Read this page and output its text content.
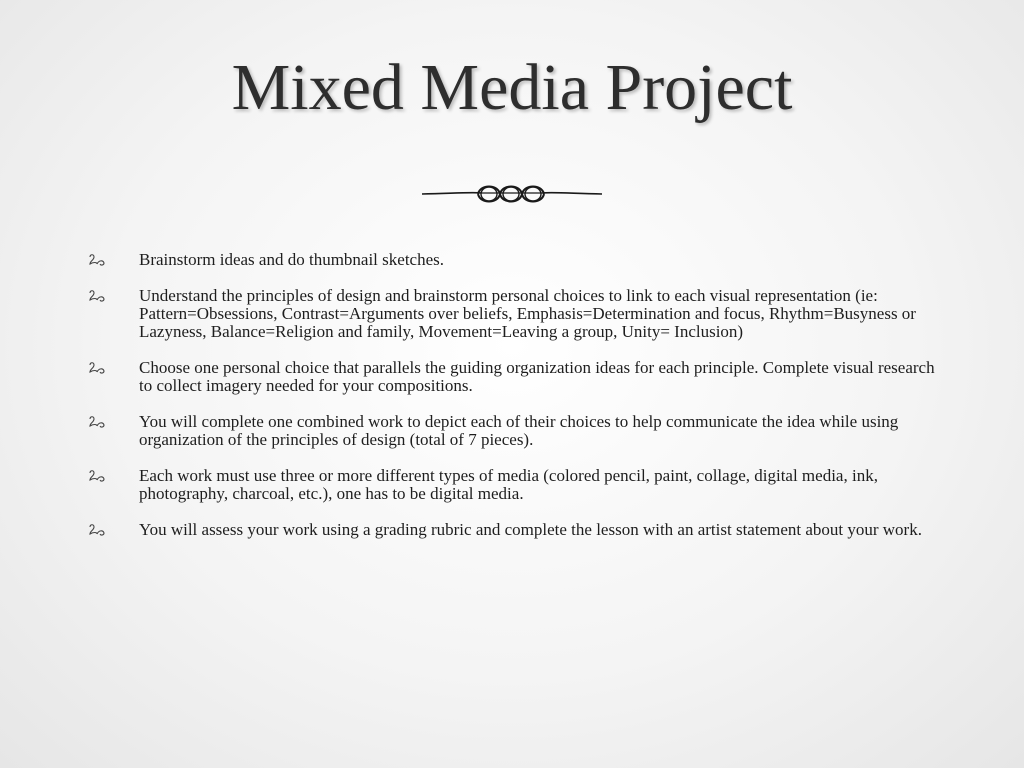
Mixed Media Project
Brainstorm ideas and do thumbnail sketches.
Understand the principles of design and brainstorm personal choices to link to each visual representation (ie: Pattern=Obsessions, Contrast=Arguments over beliefs, Emphasis=Determination and focus, Rhythm=Busyness or Lazyness, Balance=Religion and family, Movement=Leaving a group, Unity= Inclusion)
Choose one personal choice that parallels the guiding organization ideas for each principle. Complete visual research to collect imagery needed for your compositions.
You will complete one combined work to depict each of their choices to help communicate the idea while using organization of the principles of design (total of 7 pieces).
Each work must use three or more different types of media (colored pencil, paint, collage, digital media, ink, photography, charcoal, etc.), one has to be digital media.
You will assess your work using a grading rubric and complete the lesson with an artist statement about your work.
